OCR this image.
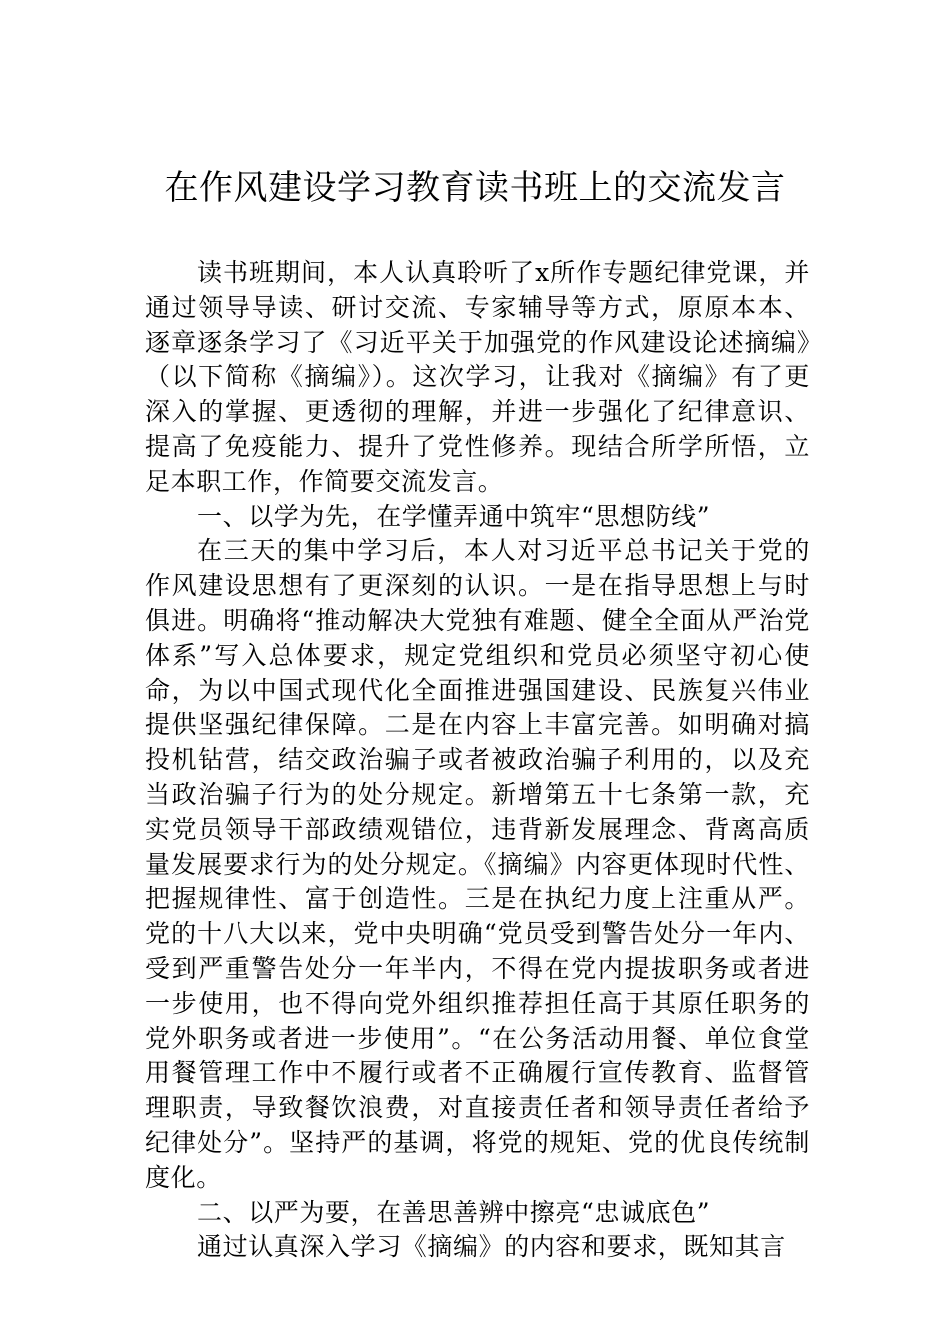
在作风建设学习教育读书班上的交流发言

读书班期间，本人认真聆听了x所作专题纪律党课，并通过领导导读、研讨交流、专家辅导等方式，原原本本、逐章逐条学习了《习近平关于加强党的作风建设论述摘编》（以下简称《摘编》）。这次学习，让我对《摘编》有了更深入的掌握、更透彻的理解，并进一步强化了纪律意识、提高了免疫能力、提升了党性修养。现结合所学所悟，立足本职工作，作简要交流发言。

一、以学为先，在学懂弄通中筑牢“思想防线”

在三天的集中学习后，本人对习近平总书记关于党的作风建设思想有了更深刻的认识。一是在指导思想上与时俱进。明确将“推动解决大党独有难题、健全全面从严治党体系”写入总体要求，规定党组织和党员必须坚守初心使命，为以中国式现代化全面推进强国建设、民族复兴伟业提供坚强纪律保障。二是在内容上丰富完善。如明确对搞投机钻营，结交政治骗子或者被政治骗子利用的，以及充当政治骗子行为的处分规定。新增第五十七条第一款，充实党员领导干部政绩观错位，违背新发展理念、背离高质量发展要求行为的处分规定。《摘编》内容更体现时代性、把握规律性、富于创造性。三是在执纪力度上注重从严。党的十八大以来，党中央明确“党员受到警告处分一年内、受到严重警告处分一年半内，不得在党内提拔职务或者进一步使用，也不得向党外组织推荐担任高于其原任职务的党外职务或者进一步使用”。“在公务活动用餐、单位食堂用餐管理工作中不履行或者不正确履行宣传教育、监督管理职责，导致餐饮浪费，对直接责任者和领导责任者给予纪律处分”。坚持严的基调，将党的规矩、党的优良传统制度化。

二、以严为要，在善思善辨中擦亮“忠诚底色”

通过认真深入学习《摘编》的内容和要求，既知其言
